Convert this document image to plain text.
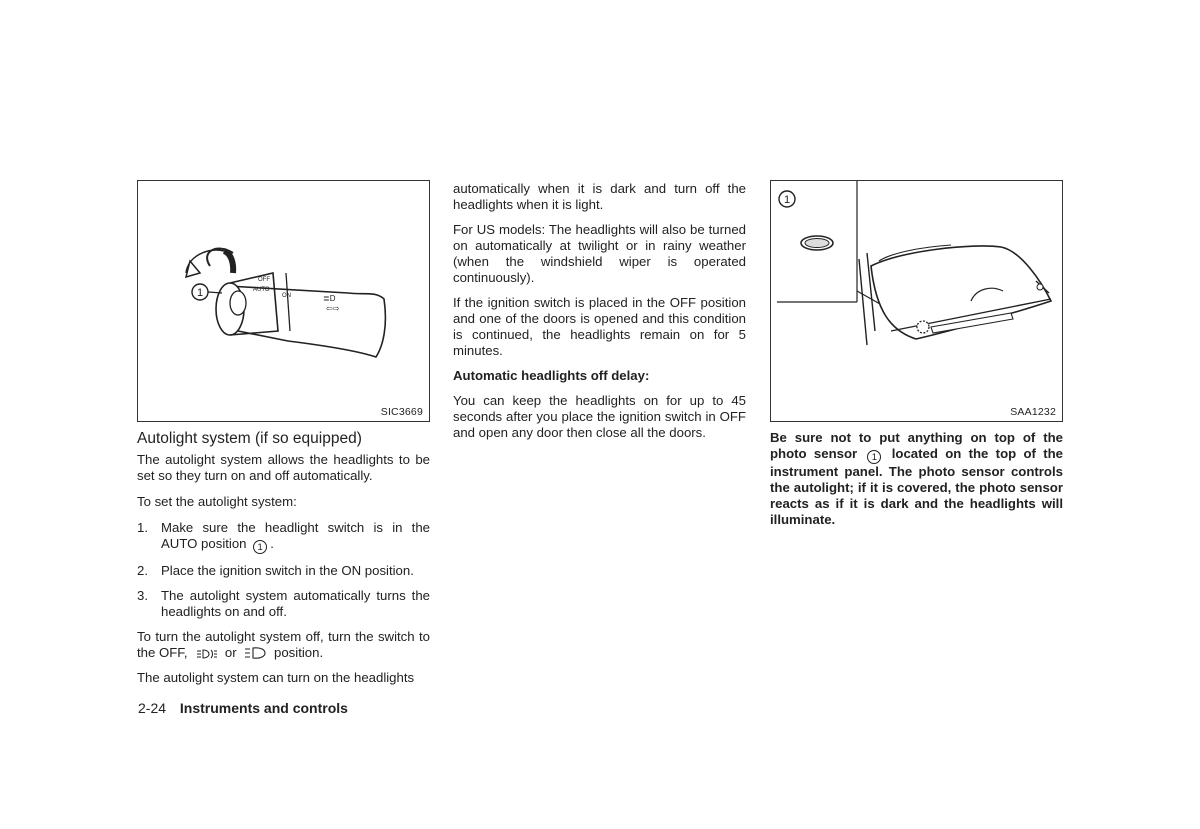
OFF
AUTO
ON	≣D
⇦⇨
1
SIC3669
Autolight system (if so equipped)

The autolight system allows the headlights to be set so they turn on and off automatically.

To set the autolight system:

1. Make sure the headlight switch is in the AUTO position 1 .
2. Place the ignition switch in the ON position.
3. The autolight system automatically turns the headlights on and off.

To turn the autolight system off, turn the switch to the OFF,	or	position.

The autolight system can turn on the headlights

automatically when it is dark and turn off the headlights when it is light.

For US models: The headlights will also be turned on automatically at twilight or in rainy weather (when the windshield wiper is operated continuously).

If the ignition switch is placed in the OFF position and one of the doors is opened and this condition is continued, the headlights remain on for 5 minutes.

Automatic headlights off delay:

You can keep the headlights on for up to 45 seconds after you place the ignition switch in OFF and open any door then close all the doors.

1
SAA1232

Be sure not to put anything on top of the photo sensor 1 located on the top of the instrument panel. The photo sensor controls the autolight; if it is covered, the photo sensor reacts as if it is dark and the headlights will illuminate.

2-24 Instruments and controls
